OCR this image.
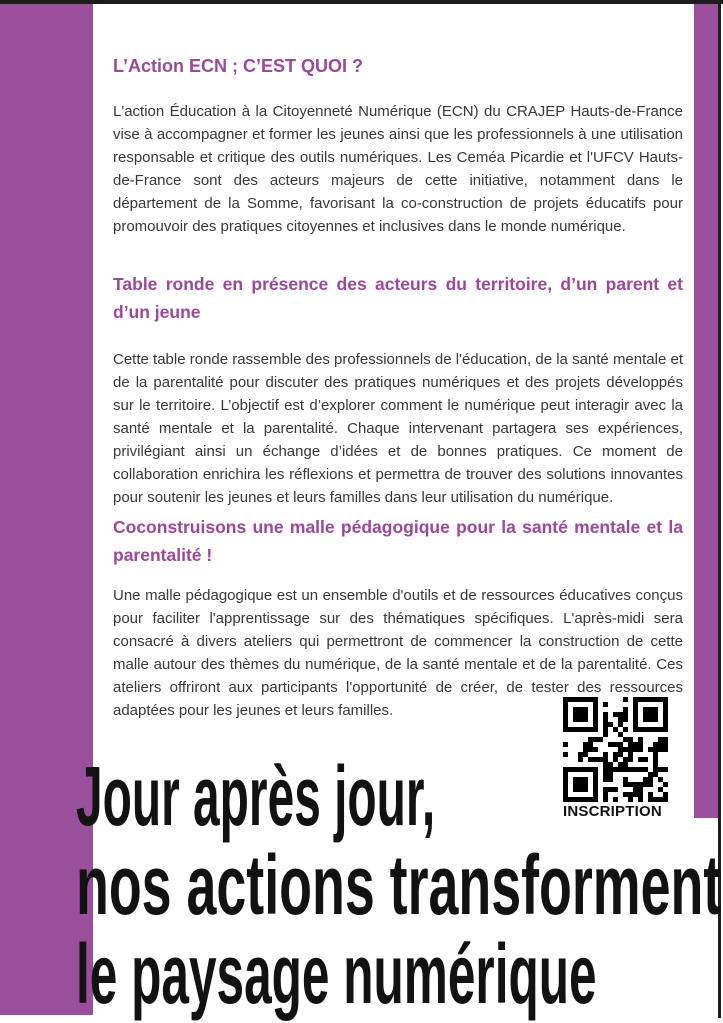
L’Action ECN ; C’EST QUOI ?

L'action Éducation à la Citoyenneté Numérique (ECN) du CRAJEP Hauts-de-France vise à accompagner et former les jeunes ainsi que les professionnels à une utilisation responsable et critique des outils numériques. Les Ceméa Picardie et l'UFCV Hauts-de-France sont des acteurs majeurs de cette initiative, notamment dans le département de la Somme, favorisant la co-construction de projets éducatifs pour promouvoir des pratiques citoyennes et inclusives dans le monde numérique.

Table ronde en présence des acteurs du territoire, d’un parent et d’un jeune

Cette table ronde rassemble des professionnels de l'éducation, de la santé mentale et de la parentalité pour discuter des pratiques numériques et des projets développés sur le territoire. L’objectif est d’explorer comment le numérique peut interagir avec la santé mentale et la parentalité. Chaque intervenant partagera ses expériences, privilégiant ainsi un échange d’idées et de bonnes pratiques. Ce moment de collaboration enrichira les réflexions et permettra de trouver des solutions innovantes pour soutenir les jeunes et leurs familles dans leur utilisation du numérique.

Coconstruisons une malle pédagogique pour la santé mentale et la parentalité !

Une malle pédagogique est un ensemble d'outils et de ressources éducatives conçus pour faciliter l'apprentissage sur des thématiques spécifiques. L'après-midi sera consacré à divers ateliers qui permettront de commencer la construction de cette malle autour des thèmes du numérique, de la santé mentale et de la parentalité. Ces ateliers offriront aux participants l'opportunité de créer, de tester des ressources adaptées pour les jeunes et leurs familles.

INSCRIPTION
Jour après jour,
nos actions transforment
le paysage numérique
